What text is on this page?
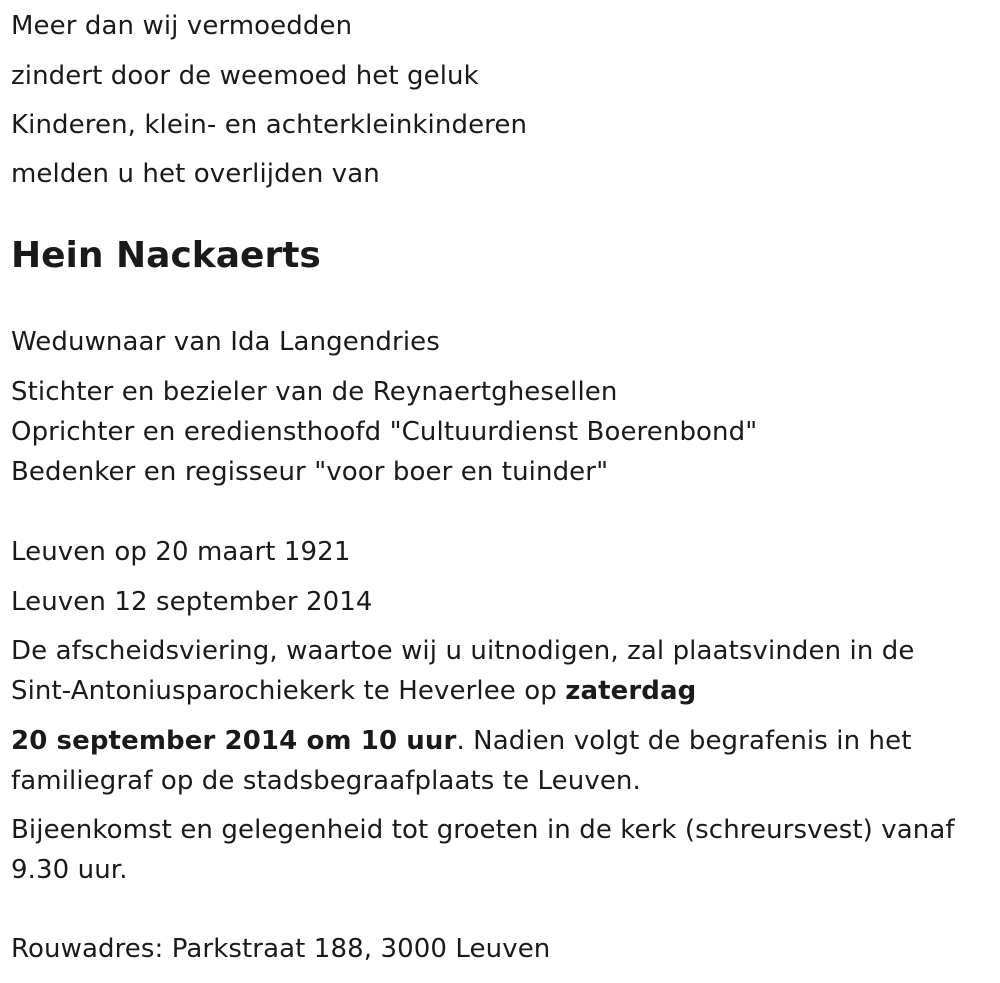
Meer dan wij vermoedden
zindert door de weemoed het geluk
Kinderen, klein- en achterkleinkinderen
melden u het overlijden van
Hein Nackaerts
Weduwnaar van Ida Langendries
Stichter en bezieler van de Reynaertghesellen
Oprichter en erediensthoofd "Cultuurdienst Boerenbond"
Bedenker en regisseur "voor boer en tuinder"
Leuven op 20 maart 1921
Leuven 12 september 2014
De afscheidsviering, waartoe wij u uitnodigen, zal plaatsvinden in de
Sint-Antoniusparochiekerk te Heverlee op zaterdag
20 september 2014 om 10 uur. Nadien volgt de begrafenis in het
familiegraf op de stadsbegraafplaats te Leuven.
Bijeenkomst en gelegenheid tot groeten in de kerk (schreursvest) vanaf
9.30 uur.
Rouwadres: Parkstraat 188, 3000 Leuven
